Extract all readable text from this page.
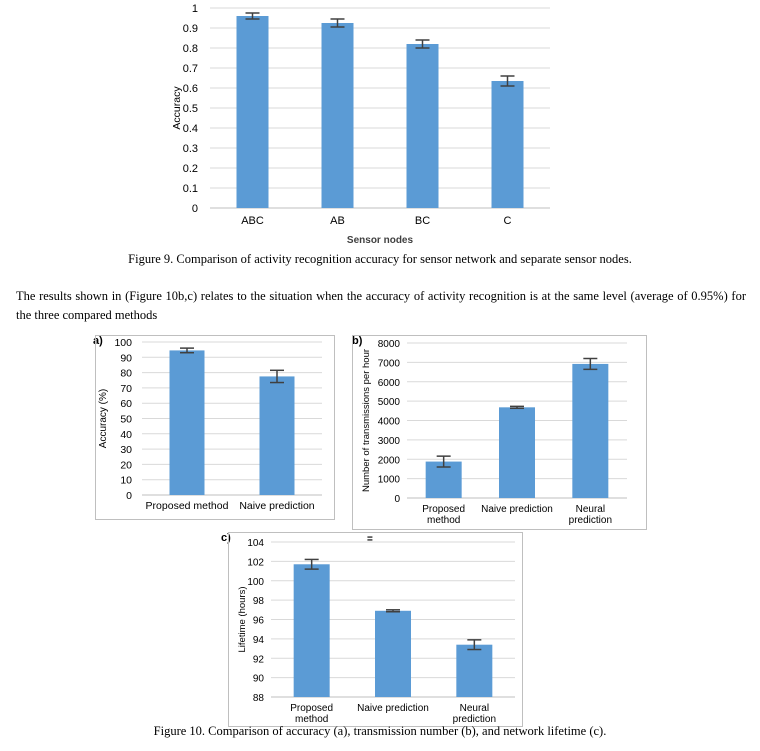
0
0.1
0.2
0.3
0.4
0.5
0.6
0.7
0.8
0.9
1
ABC	AB	BC	C
Accuracy
Sensor nodes
Figure 9. Comparison of activity recognition accuracy for sensor network and separate sensor nodes.
The results shown in (Figure 10b,c) relates to the situation when the accuracy of activity recognition is at the same level (average of 0.95%) for the three compared methods
a)
0
10
20
30
40
50
60
70
80
90
100
Proposed method Naive prediction
Accuracy (%)
b)
0
1000
2000
3000
4000
5000
6000
7000
8000
Proposed
method
Naive prediction Neural
prediction
Number of transmissions per hour
c)	=
88
90
92
94
96
98
100
102
104
Proposed
method
Naive prediction	Neural
prediction
Lifetime (hours)
Figure 10. Comparison of accuracy (a), transmission number (b), and network lifetime (c).
